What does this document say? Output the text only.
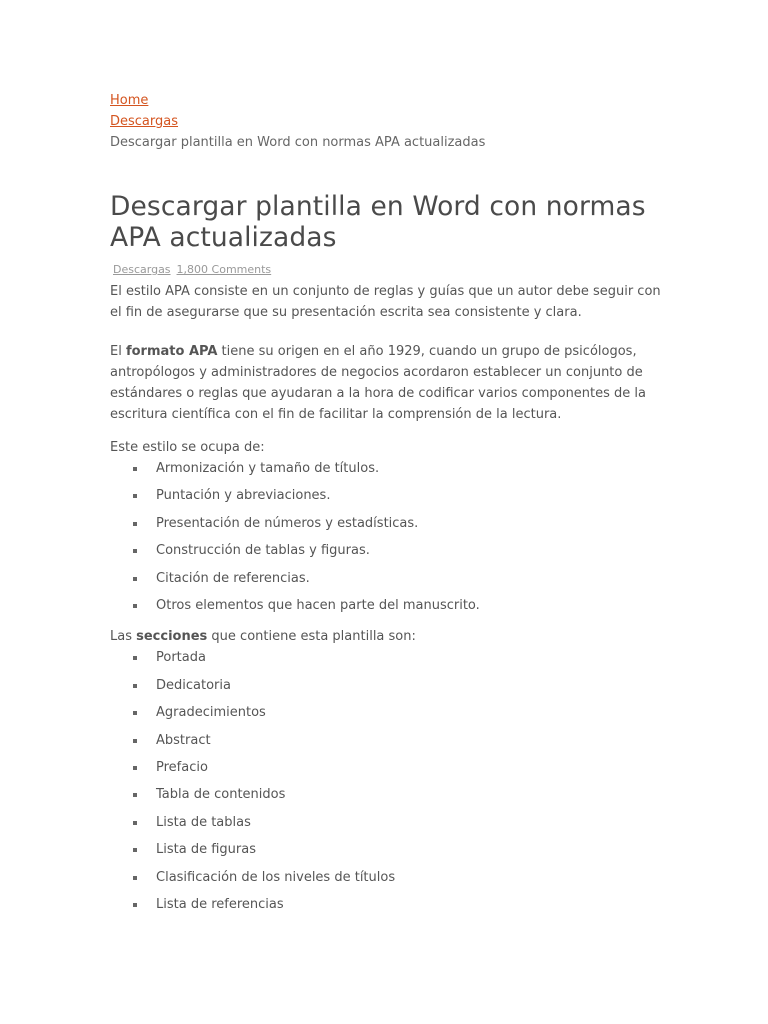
Home
Descargas
Descargar plantilla en Word con normas APA actualizadas
Descargar plantilla en Word con normas APA actualizadas
Descargas 1,800 Comments

El estilo APA consiste en un conjunto de reglas y guías que un autor debe seguir con el fin de asegurarse que su presentación escrita sea consistente y clara.

El formato APA tiene su origen en el año 1929, cuando un grupo de psicólogos, antropólogos y administradores de negocios acordaron establecer un conjunto de estándares o reglas que ayudaran a la hora de codificar varios componentes de la escritura científica con el fin de facilitar la comprensión de la lectura.

Este estilo se ocupa de:

Armonización y tamaño de títulos.
Puntación y abreviaciones.
Presentación de números y estadísticas.
Construcción de tablas y figuras.
Citación de referencias.
Otros elementos que hacen parte del manuscrito.

Las secciones que contiene esta plantilla son:

Portada
Dedicatoria
Agradecimientos
Abstract
Prefacio
Tabla de contenidos
Lista de tablas
Lista de figuras
Clasificación de los niveles de títulos
Lista de referencias
